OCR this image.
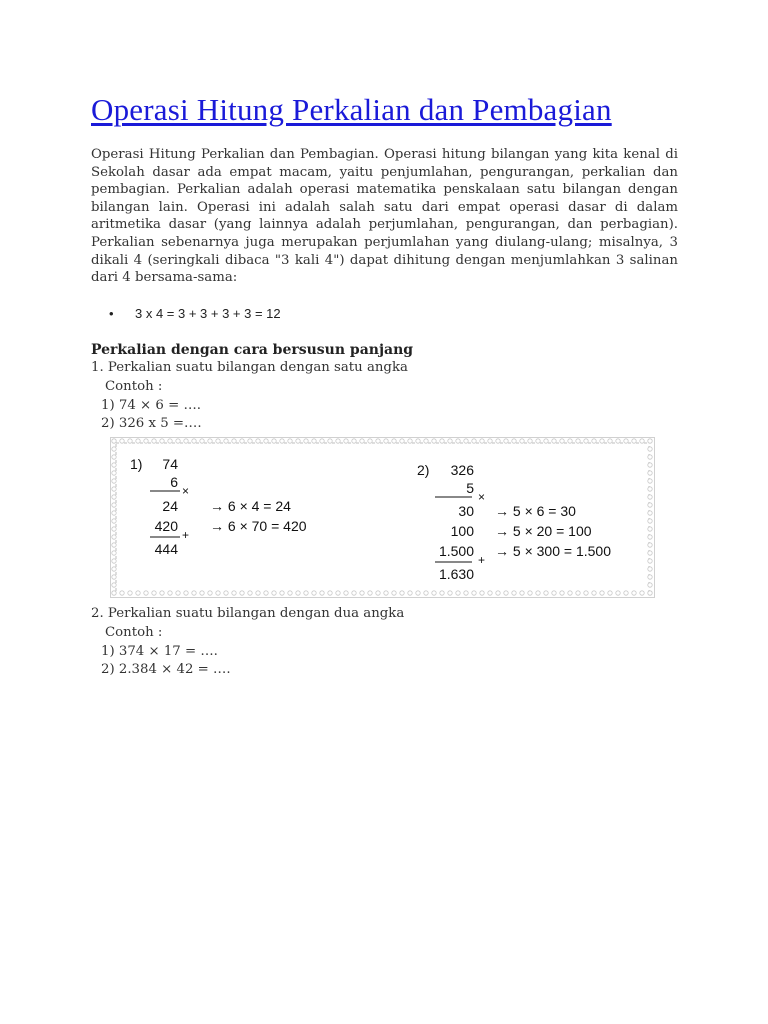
Operasi Hitung Perkalian dan Pembagian

Operasi Hitung Perkalian dan Pembagian. Operasi hitung bilangan yang kita kenal di Sekolah dasar ada empat macam, yaitu penjumlahan, pengurangan, perkalian dan pembagian. Perkalian adalah operasi matematika penskalaan satu bilangan dengan bilangan lain. Operasi ini adalah salah satu dari empat operasi dasar di dalam aritmetika dasar (yang lainnya adalah perjumlahan, pengurangan, dan perbagian). Perkalian sebenarnya juga merupakan perjumlahan yang diulang-ulang; misalnya, 3 dikali 4 (seringkali dibaca "3 kali 4") dapat dihitung dengan menjumlahkan 3 salinan dari 4 bersama-sama:

• 3 x 4 = 3 + 3 + 3 + 3 = 12
Perkalian dengan cara bersusun panjang
1. Perkalian suatu bilangan dengan satu angka
Contoh :
1) 74 × 6 = ….
2) 326 x 5 =….
1)	74
6
×
24
420
+
444
→ 6 × 4 = 24
→ 6 × 70 = 420
2)	326
5
×
30
100
1.500
+
1.630
→ 5 × 6 = 30
→ 5 × 20 = 100
→ 5 × 300 = 1.500
2. Perkalian suatu bilangan dengan dua angka
Contoh :
1) 374 × 17 = ….
2) 2.384 × 42 = ….
